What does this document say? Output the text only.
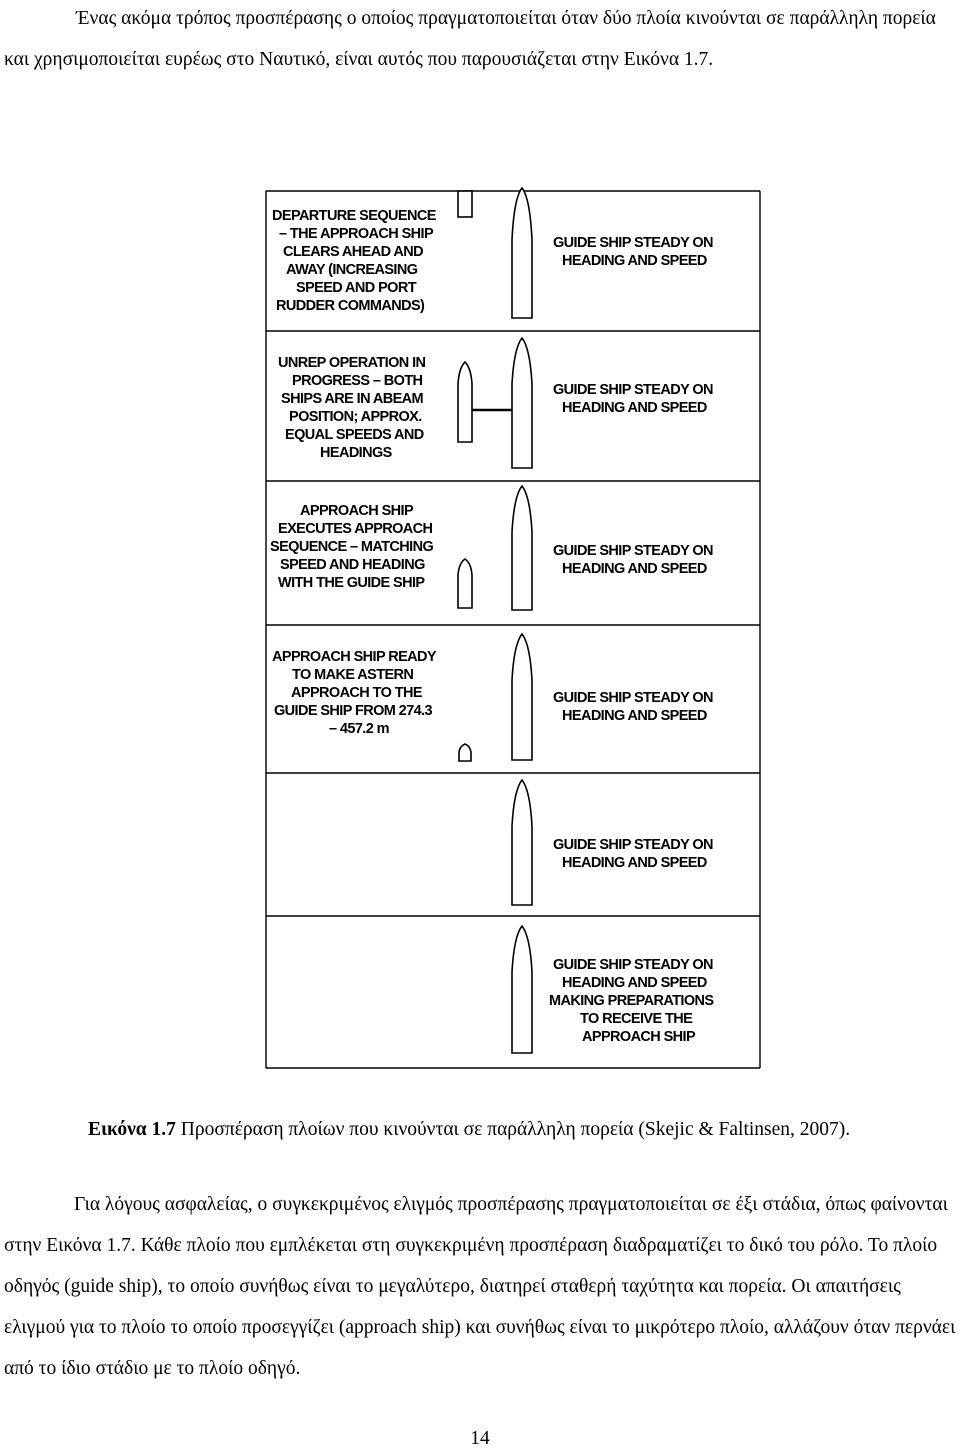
Ένας ακόμα τρόπος προσπέρασης ο οποίος πραγματοποιείται όταν δύο πλοία κινούνται σε παράλληλη πορεία και χρησιμοποιείται ευρέως στο Ναυτικό, είναι αυτός που παρουσιάζεται στην Εικόνα 1.7.

DEPARTURE SEQUENCE
– THE APPROACH SHIP
CLEARS AHEAD AND
AWAY (INCREASING
SPEED AND PORT
RUDDER COMMANDS)
GUIDE SHIP STEADY ON
HEADING AND SPEED
UNREP OPERATION IN
PROGRESS – BOTH
SHIPS ARE IN ABEAM
POSITION; APPROX.
EQUAL SPEEDS AND
HEADINGS
GUIDE SHIP STEADY ON
HEADING AND SPEED
APPROACH SHIP
EXECUTES APPROACH
SEQUENCE – MATCHING
SPEED AND HEADING
WITH THE GUIDE SHIP
GUIDE SHIP STEADY ON
HEADING AND SPEED
APPROACH SHIP READY
TO MAKE ASTERN
APPROACH TO THE
GUIDE SHIP FROM 274.3
– 457.2 m
GUIDE SHIP STEADY ON
HEADING AND SPEED
GUIDE SHIP STEADY ON
HEADING AND SPEED
GUIDE SHIP STEADY ON
HEADING AND SPEED
MAKING PREPARATIONS
TO RECEIVE THE
APPROACH SHIP
Εικόνα 1.7 Προσπέραση πλοίων που κινούνται σε παράλληλη πορεία (Skejic & Faltinsen, 2007).

Για λόγους ασφαλείας, ο συγκεκριμένος ελιγμός προσπέρασης πραγματοποιείται σε έξι στάδια, όπως φαίνονται στην Εικόνα 1.7. Κάθε πλοίο που εμπλέκεται στη συγκεκριμένη προσπέραση διαδραματίζει το δικό του ρόλο. Το πλοίο οδηγός (guide ship), το οποίο συνήθως είναι το μεγαλύτερο, διατηρεί σταθερή ταχύτητα και πορεία. Οι απαιτήσεις ελιγμού για το πλοίο το οποίο προσεγγίζει (approach ship) και συνήθως είναι το μικρότερο πλοίο, αλλάζουν όταν περνάει από το ίδιο στάδιο με το πλοίο οδηγό.

14
